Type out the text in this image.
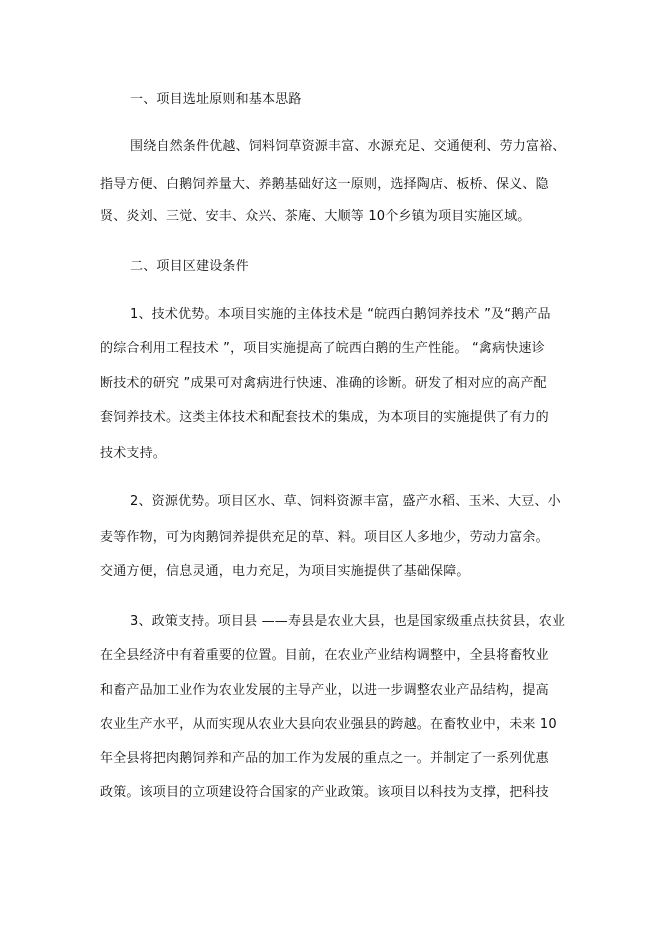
一、项目选址原则和基本思路
围绕自然条件优越、饲料饲草资源丰富、水源充足、交通便利、劳力富裕、
指导方便、白鹅饲养量大、养鹅基础好这一原则，选择陶店、板桥、保义、隐
贤、炎刘、三觉、安丰、众兴、茶庵、大顺等 10个乡镇为项目实施区域。
二、项目区建设条件
1、技术优势。本项目实施的主体技术是 “皖西白鹅饲养技术 ”及“鹅产品
的综合利用工程技术 ”，项目实施提高了皖西白鹅的生产性能。 “禽病快速诊
断技术的研究 ”成果可对禽病进行快速、准确的诊断。研发了相对应的高产配
套饲养技术。这类主体技术和配套技术的集成，为本项目的实施提供了有力的
技术支持。
2、资源优势。项目区水、草、饲料资源丰富，盛产水稻、玉米、大豆、小
麦等作物，可为肉鹅饲养提供充足的草、料。项目区人多地少，劳动力富余。
交通方便，信息灵通，电力充足，为项目实施提供了基础保障。
3、政策支持。项目县 ——寿县是农业大县，也是国家级重点扶贫县，农业
在全县经济中有着重要的位置。目前，在农业产业结构调整中，全县将畜牧业
和畜产品加工业作为农业发展的主导产业，以进一步调整农业产品结构，提高
农业生产水平，从而实现从农业大县向农业强县的跨越。在畜牧业中，未来 10
年全县将把肉鹅饲养和产品的加工作为发展的重点之一。并制定了一系列优惠
政策。该项目的立项建设符合国家的产业政策。该项目以科技为支撑，把科技
